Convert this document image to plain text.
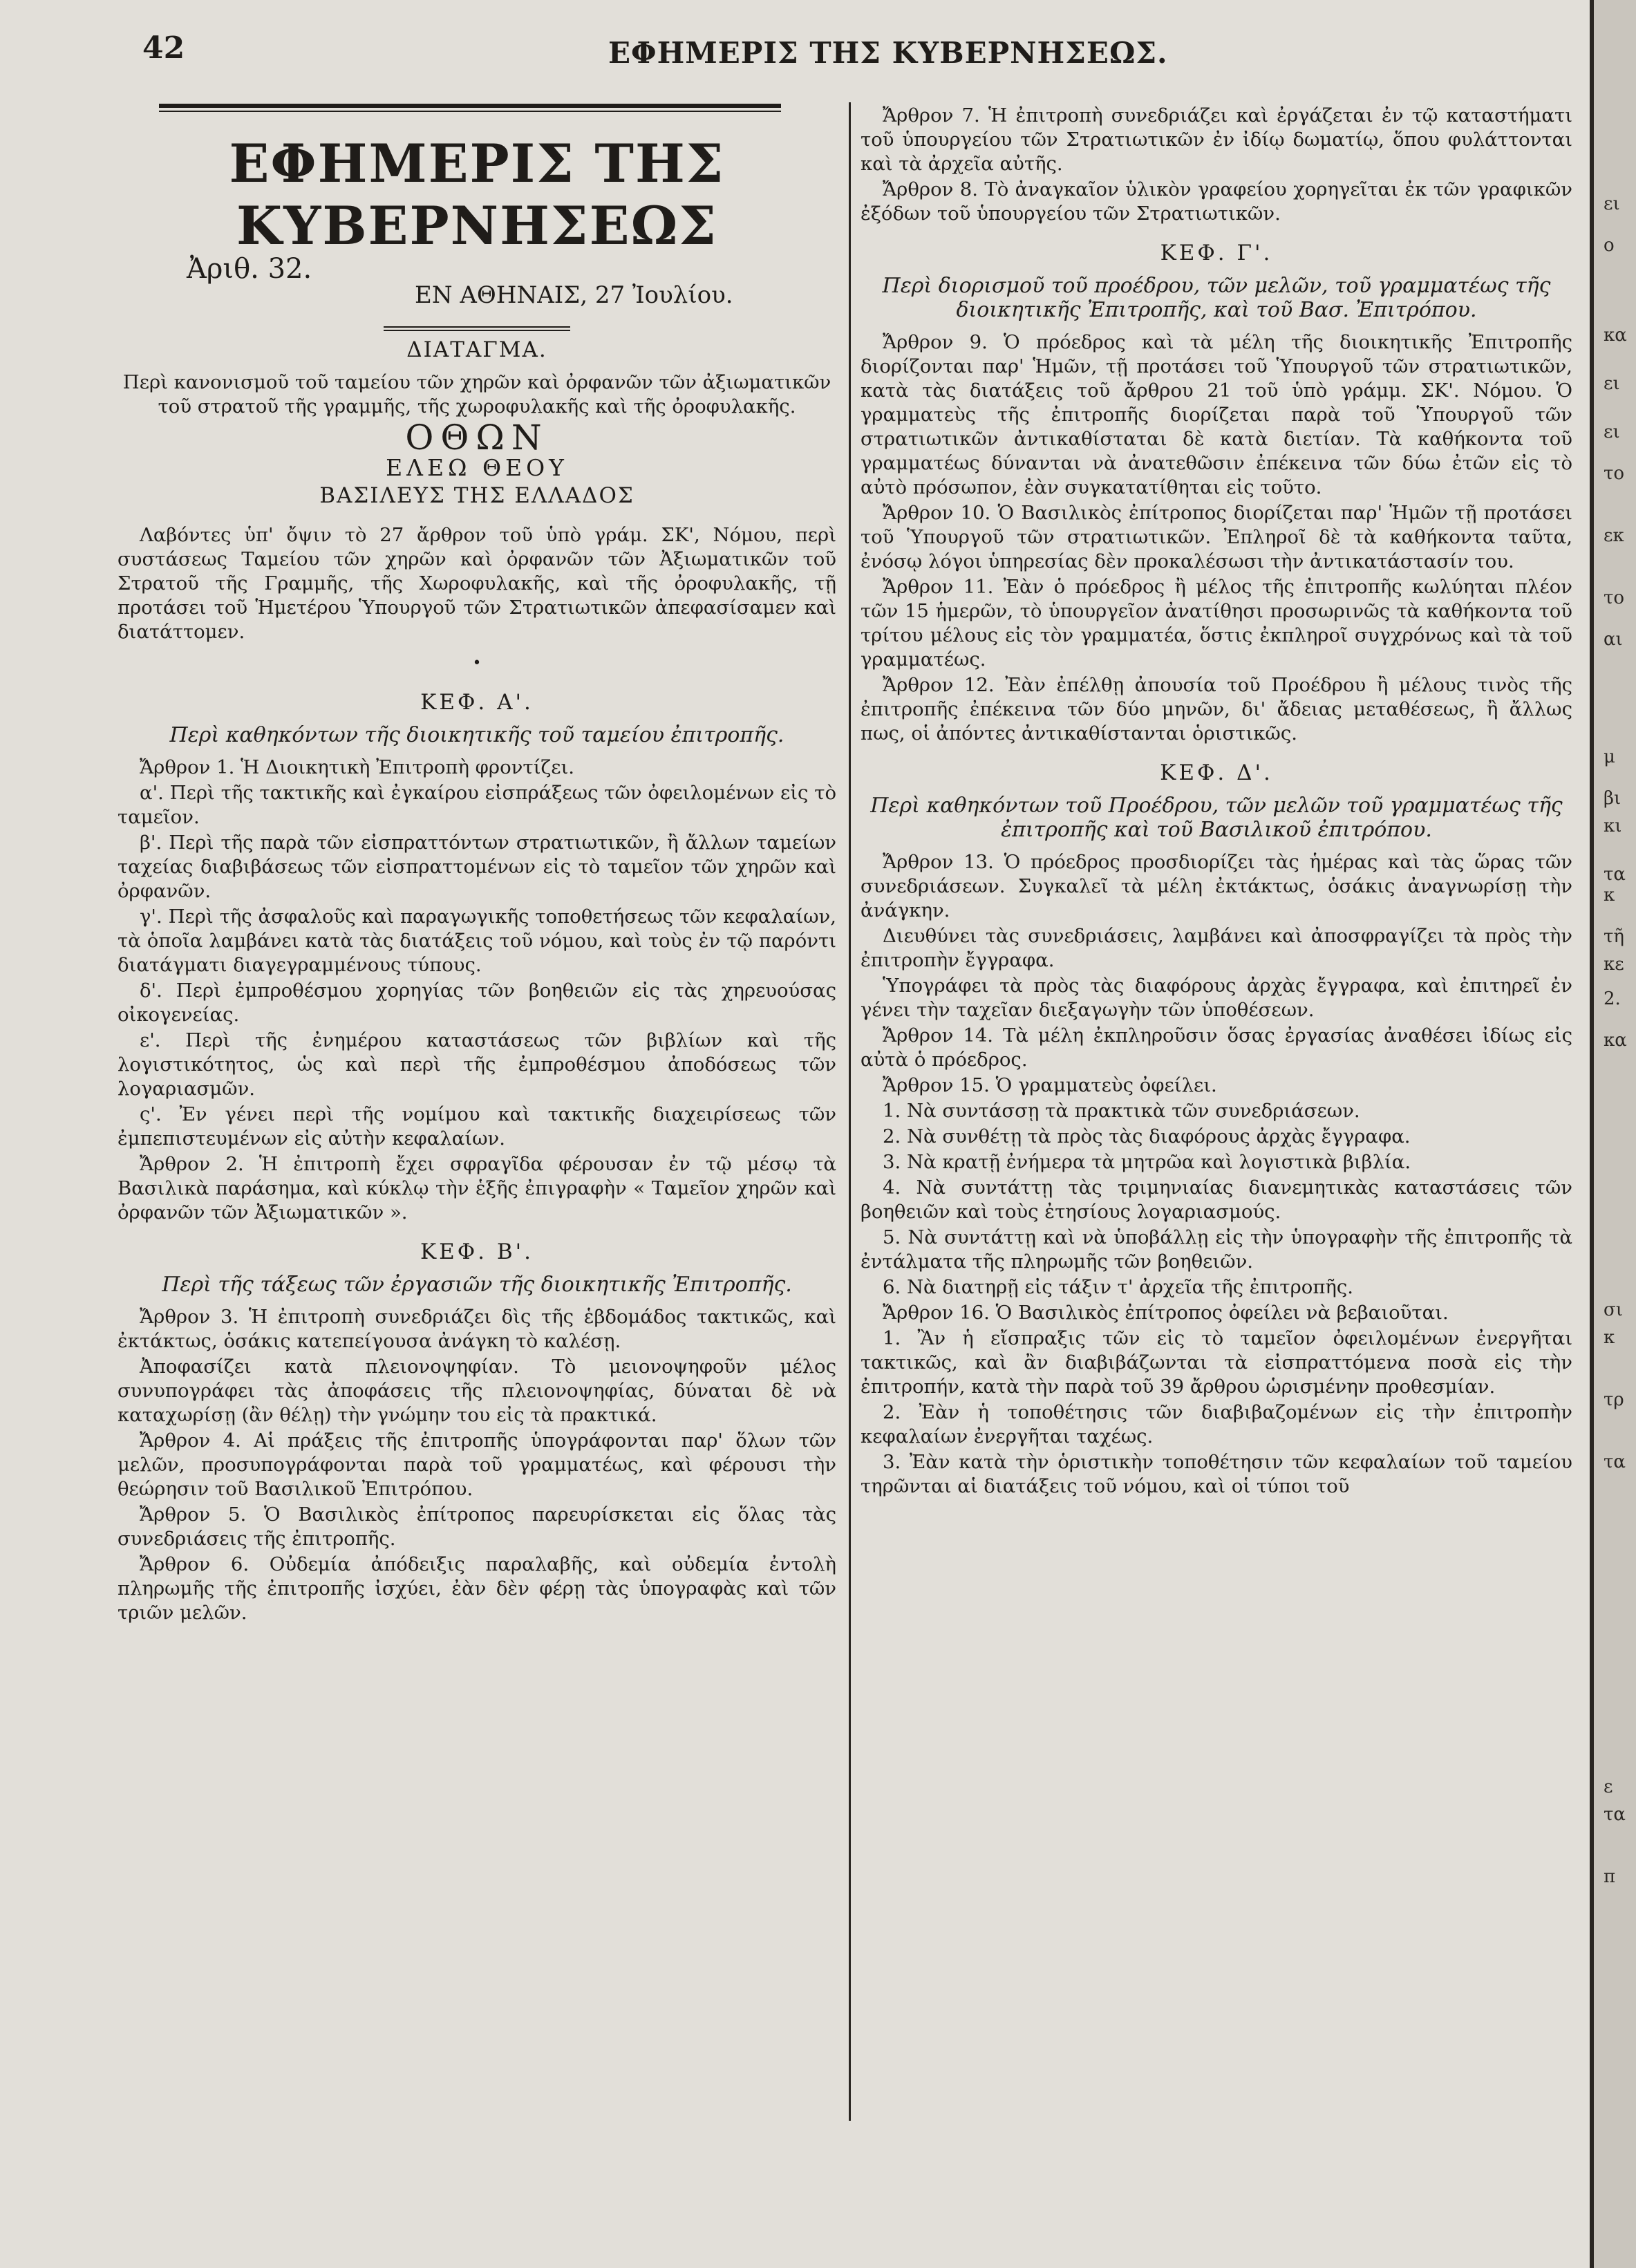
42	ΕΦΗΜΕΡΙΣ ΤΗΣ ΚΥΒΕΡΝΗΣΕΩΣ.
ΕΦΗΜΕΡΙΣ ΤΗΣ ΚΥΒΕΡΝΗΣΕΩΣ
Ἀριθ. 32.
ΕΝ ΑΘΗΝΑΙΣ, 27 Ἰουλίου.
ΔΙΑΤΑΓΜΑ.

Περὶ κανονισμοῦ τοῦ ταμείου τῶν χηρῶν καὶ ὀρφανῶν τῶν ἀξιωματικῶν τοῦ στρατοῦ τῆς γραμμῆς, τῆς χωροφυλακῆς καὶ τῆς ὀροφυλακῆς.

ΟΘΩΝ
ΕΛΕΩ ΘΕΟΥ
ΒΑΣΙΛΕΥΣ ΤΗΣ ΕΛΛΑΔΟΣ

Λαβόντες ὑπ' ὄψιν τὸ 27 ἄρθρον τοῦ ὑπὸ γράμ. ΣΚ', Νόμου, περὶ συστάσεως Ταμείου τῶν χηρῶν καὶ ὀρφανῶν τῶν Ἀξιωματικῶν τοῦ Στρατοῦ τῆς Γραμμῆς, τῆς Χωροφυλακῆς, καὶ τῆς ὀροφυλακῆς, τῇ προτάσει τοῦ Ἡμετέρου Ὑπουργοῦ τῶν Στρατιωτικῶν ἀπεφασίσαμεν καὶ διατάττομεν.

•
ΚΕΦ. Α'.
Περὶ καθηκόντων τῆς διοικητικῆς τοῦ ταμείου ἐπιτροπῆς.

Ἄρθρον 1. Ἡ Διοικητικὴ Ἐπιτροπὴ φροντίζει.

α'. Περὶ τῆς τακτικῆς καὶ ἐγκαίρου εἰσπράξεως τῶν ὀφειλομένων εἰς τὸ ταμεῖον.

β'. Περὶ τῆς παρὰ τῶν εἰσπραττόντων στρατιωτικῶν, ἢ ἄλλων ταμείων ταχείας διαβιβάσεως τῶν εἰσπραττομένων εἰς τὸ ταμεῖον τῶν χηρῶν καὶ ὀρφανῶν.

γ'. Περὶ τῆς ἀσφαλοῦς καὶ παραγωγικῆς τοποθετήσεως τῶν κεφαλαίων, τὰ ὁποῖα λαμβάνει κατὰ τὰς διατάξεις τοῦ νόμου, καὶ τοὺς ἐν τῷ παρόντι διατάγματι διαγεγραμμένους τύπους.

δ'. Περὶ ἐμπροθέσμου χορηγίας τῶν βοηθειῶν εἰς τὰς χηρευούσας οἰκογενείας.

ε'. Περὶ τῆς ἐνημέρου καταστάσεως τῶν βιβλίων καὶ τῆς λογιστικότητος, ὡς καὶ περὶ τῆς ἐμπροθέσμου ἀποδόσεως τῶν λογαριασμῶν.

ς'. Ἐν γένει περὶ τῆς νομίμου καὶ τακτικῆς διαχειρίσεως τῶν ἐμπεπιστευμένων εἰς αὐτὴν κεφαλαίων.

Ἄρθρον 2. Ἡ ἐπιτροπὴ ἔχει σφραγῖδα φέρουσαν ἐν τῷ μέσῳ τὰ Βασιλικὰ παράσημα, καὶ κύκλῳ τὴν ἑξῆς ἐπιγραφὴν « Ταμεῖον χηρῶν καὶ ὀρφανῶν τῶν Ἀξιωματικῶν ».

ΚΕΦ. Β'.
Περὶ τῆς τάξεως τῶν ἐργασιῶν τῆς διοικητικῆς Ἐπιτροπῆς.

Ἄρθρον 3. Ἡ ἐπιτροπὴ συνεδριάζει δὶς τῆς ἑβδομάδος τακτικῶς, καὶ ἐκτάκτως, ὁσάκις κατεπείγουσα ἀνάγκη τὸ καλέσῃ.

Ἀποφασίζει κατὰ πλειονοψηφίαν. Τὸ μειονοψηφοῦν μέλος συνυπογράφει τὰς ἀποφάσεις τῆς πλειονοψηφίας, δύναται δὲ νὰ καταχωρίσῃ (ἂν θέλῃ) τὴν γνώμην του εἰς τὰ πρακτικά.

Ἄρθρον 4. Αἱ πράξεις τῆς ἐπιτροπῆς ὑπογράφονται παρ' ὅλων τῶν μελῶν, προσυπογράφονται παρὰ τοῦ γραμματέως, καὶ φέρουσι τὴν θεώρησιν τοῦ Βασιλικοῦ Ἐπιτρόπου.

Ἄρθρον 5. Ὁ Βασιλικὸς ἐπίτροπος παρευρίσκεται εἰς ὅλας τὰς συνεδριάσεις τῆς ἐπιτροπῆς.

Ἄρθρον 6. Οὐδεμία ἀπόδειξις παραλαβῆς, καὶ οὐδεμία ἐντολὴ πληρωμῆς τῆς ἐπιτροπῆς ἰσχύει, ἐὰν δὲν φέρῃ τὰς ὑπογραφὰς καὶ τῶν τριῶν μελῶν.

Ἄρθρον 7. Ἡ ἐπιτροπὴ συνεδριάζει καὶ ἐργάζεται ἐν τῷ καταστήματι τοῦ ὑπουργείου τῶν Στρατιωτικῶν ἐν ἰδίῳ δωματίῳ, ὅπου φυλάττονται καὶ τὰ ἀρχεῖα αὐτῆς.

Ἄρθρον 8. Τὸ ἀναγκαῖον ὑλικὸν γραφείου χορηγεῖται ἐκ τῶν γραφικῶν ἐξόδων τοῦ ὑπουργείου τῶν Στρατιωτικῶν.

ΚΕΦ. Γ'.
Περὶ διορισμοῦ τοῦ προέδρου, τῶν μελῶν, τοῦ γραμματέως τῆς διοικητικῆς Ἐπιτροπῆς, καὶ τοῦ Βασ. Ἐπιτρόπου.

Ἄρθρον 9. Ὁ πρόεδρος καὶ τὰ μέλη τῆς διοικητικῆς Ἐπιτροπῆς διορίζονται παρ' Ἡμῶν, τῇ προτάσει τοῦ Ὑπουργοῦ τῶν στρατιωτικῶν, κατὰ τὰς διατάξεις τοῦ ἄρθρου 21 τοῦ ὑπὸ γράμμ. ΣΚ'. Νόμου. Ὁ γραμματεὺς τῆς ἐπιτροπῆς διορίζεται παρὰ τοῦ Ὑπουργοῦ τῶν στρατιωτικῶν ἀντικαθίσταται δὲ κατὰ διετίαν. Τὰ καθήκοντα τοῦ γραμματέως δύνανται νὰ ἀνατεθῶσιν ἐπέκεινα τῶν δύω ἐτῶν εἰς τὸ αὐτὸ πρόσωπον, ἐὰν συγκατατίθηται εἰς τοῦτο.

Ἄρθρον 10. Ὁ Βασιλικὸς ἐπίτροπος διορίζεται παρ' Ἡμῶν τῇ προτάσει τοῦ Ὑπουργοῦ τῶν στρατιωτικῶν. Ἐπληροῖ δὲ τὰ καθήκοντα ταῦτα, ἐνόσῳ λόγοι ὑπηρεσίας δὲν προκαλέσωσι τὴν ἀντικατάστασίν του.

Ἄρθρον 11. Ἐὰν ὁ πρόεδρος ἢ μέλος τῆς ἐπιτροπῆς κωλύηται πλέον τῶν 15 ἡμερῶν, τὸ ὑπουργεῖον ἀνατίθησι προσωρινῶς τὰ καθήκοντα τοῦ τρίτου μέλους εἰς τὸν γραμματέα, ὅστις ἐκπληροῖ συγχρόνως καὶ τὰ τοῦ γραμματέως.

Ἄρθρον 12. Ἐὰν ἐπέλθῃ ἀπουσία τοῦ Προέδρου ἢ μέλους τινὸς τῆς ἐπιτροπῆς ἐπέκεινα τῶν δύο μηνῶν, δι' ἄδειας μεταθέσεως, ἢ ἄλλως πως, οἱ ἀπόντες ἀντικαθίστανται ὁριστικῶς.

ΚΕΦ. Δ'.
Περὶ καθηκόντων τοῦ Προέδρου, τῶν μελῶν τοῦ γραμματέως τῆς ἐπιτροπῆς καὶ τοῦ Βασιλικοῦ ἐπιτρόπου.

Ἄρθρον 13. Ὁ πρόεδρος προσδιορίζει τὰς ἡμέρας καὶ τὰς ὥρας τῶν συνεδριάσεων. Συγκαλεῖ τὰ μέλη ἐκτάκτως, ὁσάκις ἀναγνωρίσῃ τὴν ἀνάγκην.

Διευθύνει τὰς συνεδριάσεις, λαμβάνει καὶ ἀποσφραγίζει τὰ πρὸς τὴν ἐπιτροπὴν ἔγγραφα.

Ὑπογράφει τὰ πρὸς τὰς διαφόρους ἀρχὰς ἔγγραφα, καὶ ἐπιτηρεῖ ἐν γένει τὴν ταχεῖαν διεξαγωγὴν τῶν ὑποθέσεων.

Ἄρθρον 14. Τὰ μέλη ἐκπληροῦσιν ὅσας ἐργασίας ἀναθέσει ἰδίως εἰς αὐτὰ ὁ πρόεδρος.

Ἄρθρον 15. Ὁ γραμματεὺς ὀφείλει.

1. Νὰ συντάσσῃ τὰ πρακτικὰ τῶν συνεδριάσεων.

2. Νὰ συνθέτῃ τὰ πρὸς τὰς διαφόρους ἀρχὰς ἔγγραφα.

3. Νὰ κρατῇ ἐνήμερα τὰ μητρῶα καὶ λογιστικὰ βιβλία.

4. Νὰ συντάττῃ τὰς τριμηνιαίας διανεμητικὰς καταστάσεις τῶν βοηθειῶν καὶ τοὺς ἐτησίους λογαριασμούς.

5. Νὰ συντάττῃ καὶ νὰ ὑποβάλλῃ εἰς τὴν ὑπογραφὴν τῆς ἐπιτροπῆς τὰ ἐντάλματα τῆς πληρωμῆς τῶν βοηθειῶν.

6. Νὰ διατηρῇ εἰς τάξιν τ' ἀρχεῖα τῆς ἐπιτροπῆς.

Ἄρθρον 16. Ὁ Βασιλικὸς ἐπίτροπος ὀφείλει νὰ βεβαιοῦται.

1. Ἂν ἡ εἴσπραξις τῶν εἰς τὸ ταμεῖον ὀφειλομένων ἐνεργῆται τακτικῶς, καὶ ἂν διαβιβάζωνται τὰ εἰσπραττόμενα ποσὰ εἰς τὴν ἐπιτροπήν, κατὰ τὴν παρὰ τοῦ 39 ἄρθρου ὡρισμένην προθεσμίαν.

2. Ἐὰν ἡ τοποθέτησις τῶν διαβιβαζομένων εἰς τὴν ἐπιτροπὴν κεφαλαίων ἐνεργῆται ταχέως.

3. Ἐὰν κατὰ τὴν ὁριστικὴν τοποθέτησιν τῶν κεφαλαίων τοῦ ταμείου τηρῶνται αἱ διατάξεις τοῦ νόμου, καὶ οἱ τύποι τοῦ

ει
ο
κα
ει
ει
το
εκ
το
αι
μ
βι
κι
τα
κ
τῆ
κε
2.
κα
σι
κ
τρ
τα
ε
τα
π
